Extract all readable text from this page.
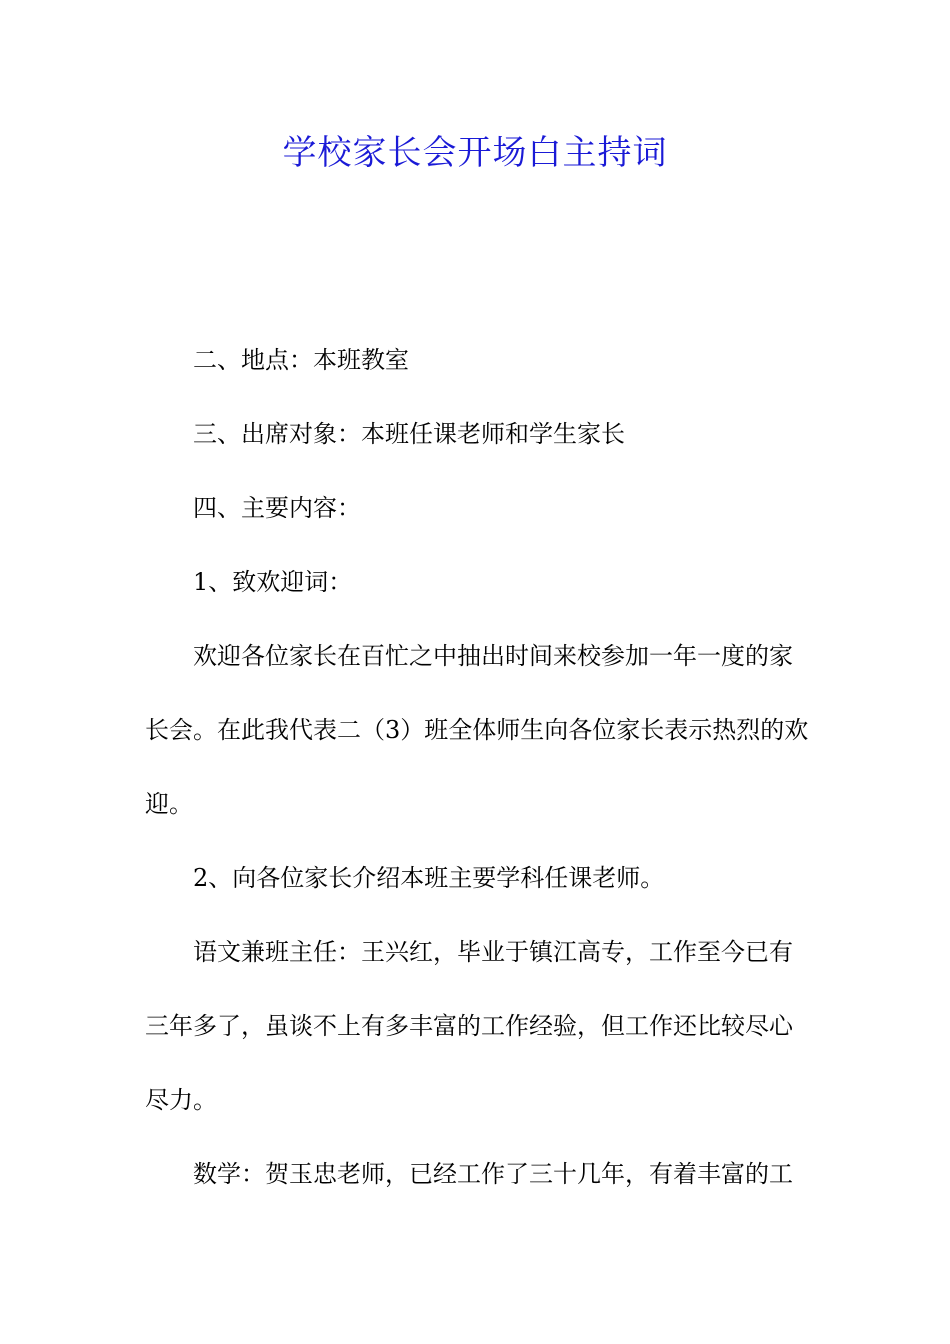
学校家长会开场白主持词

二、地点：本班教室

三、出席对象：本班任课老师和学生家长

四、主要内容：

1、致欢迎词：

欢迎各位家长在百忙之中抽出时间来校参加一年一度的家

长会。在此我代表二（3）班全体师生向各位家长表示热烈的欢

迎。

2、向各位家长介绍本班主要学科任课老师。

语文兼班主任：王兴红，毕业于镇江高专，工作至今已有

三年多了，虽谈不上有多丰富的工作经验，但工作还比较尽心

尽力。

数学：贺玉忠老师，已经工作了三十几年，有着丰富的工
